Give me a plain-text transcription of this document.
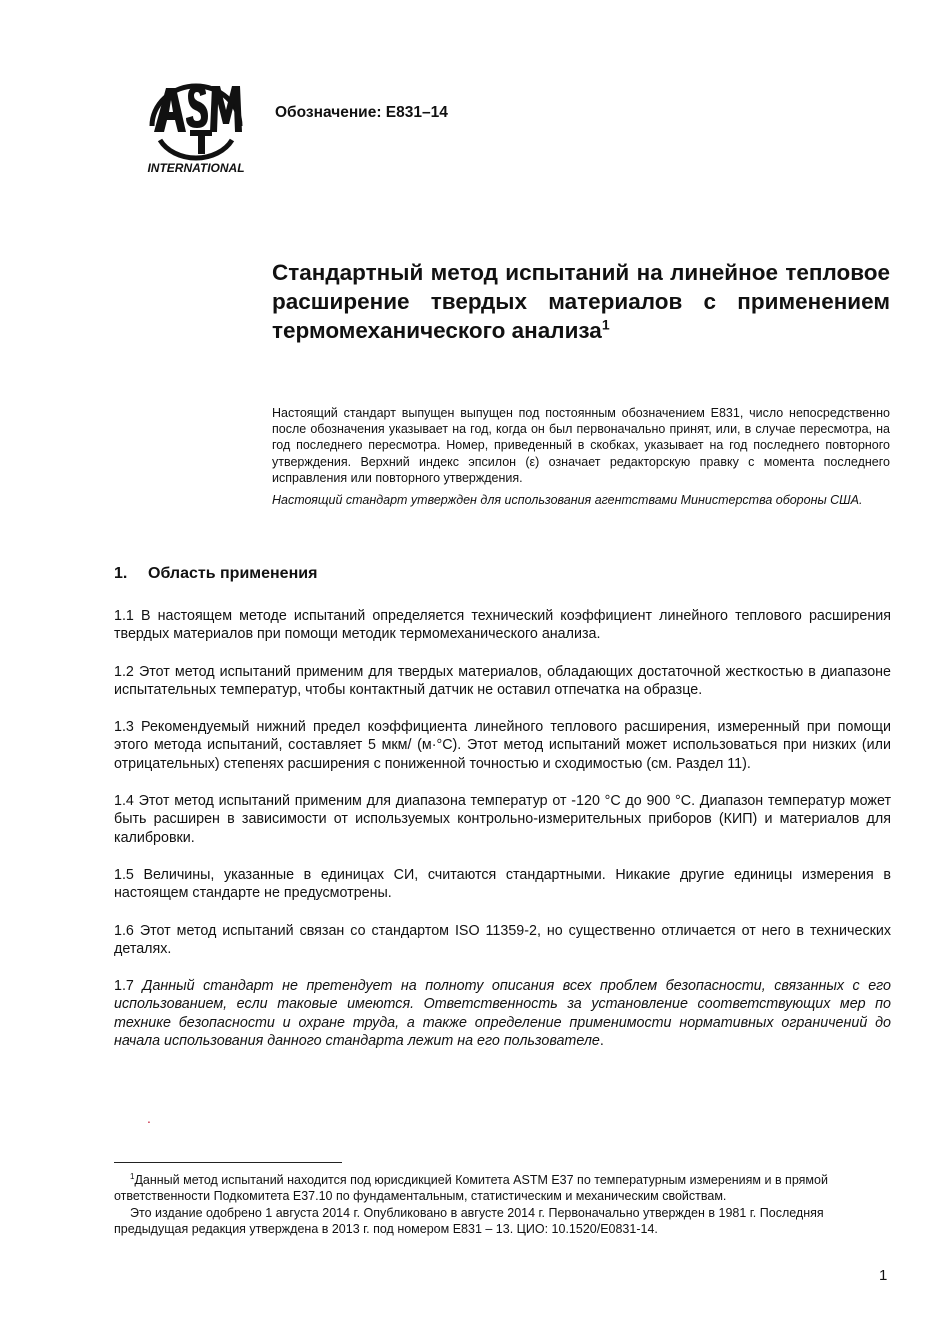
INTERNATIONAL
Обозначение: E831–14
Стандартный метод испытаний на линейное тепловое расширение твердых материалов с применением термомеханического анализа$^1$

Настоящий стандарт выпущен выпущен под постоянным обозначением E831, число непосредственно после обозначения указывает на год, когда он был первоначально принят, или, в случае пересмотра, на год последнего пересмотра. Номер, приведенный в скобках, указывает на год последнего повторного утверждения. Верхний индекс эпсилон (ε) означает редакторскую правку с момента последнего исправления или повторного утверждения.

Настоящий стандарт утвержден для использования агентствами Министерства обороны США.

1. Область применения

1.1 В настоящем методе испытаний определяется технический коэффициент линейного теплового расширения твердых материалов при помощи методик термомеханического анализа.

1.2 Этот метод испытаний применим для твердых материалов, обладающих достаточной жесткостью в диапазоне испытательных температур, чтобы контактный датчик не оставил отпечатка на образце.

1.3 Рекомендуемый нижний предел коэффициента линейного теплового расширения, измеренный при помощи этого метода испытаний, составляет 5 мкм/ (м·°С). Этот метод испытаний может использоваться при низких (или отрицательных) степенях расширения с пониженной точностью и сходимостью (см. Раздел 11).

1.4 Этот метод испытаний применим для диапазона температур от -120 °C до 900 °C. Диапазон температур может быть расширен в зависимости от используемых контрольно-измерительных приборов (КИП) и материалов для калибровки.

1.5 Величины, указанные в единицах СИ, считаются стандартными. Никакие другие единицы измерения в настоящем стандарте не предусмотрены.

1.6 Этот метод испытаний связан со стандартом ISO 11359-2, но существенно отличается от него в технических деталях.

1.7 Данный стандарт не претендует на полноту описания всех проблем безопасности, связанных с его использованием, если таковые имеются. Ответственность за установление соответствующих мер по технике безопасности и охране труда, а также определение применимости нормативных ограничений до начала использования данного стандарта лежит на его пользователе.

.

$^1$Данный метод испытаний находится под юрисдикцией Комитета ASTM E37 по температурным измерениям и в прямой ответственности Подкомитета E37.10 по фундаментальным, статистическим и механическим свойствам.

Это издание одобрено 1 августа 2014 г. Опубликовано в августе 2014 г. Первоначально утвержден в 1981 г. Последняя предыдущая редакция утверждена в 2013 г. под номером E831 – 13. ЦИО: 10.1520/E0831-14.

1
